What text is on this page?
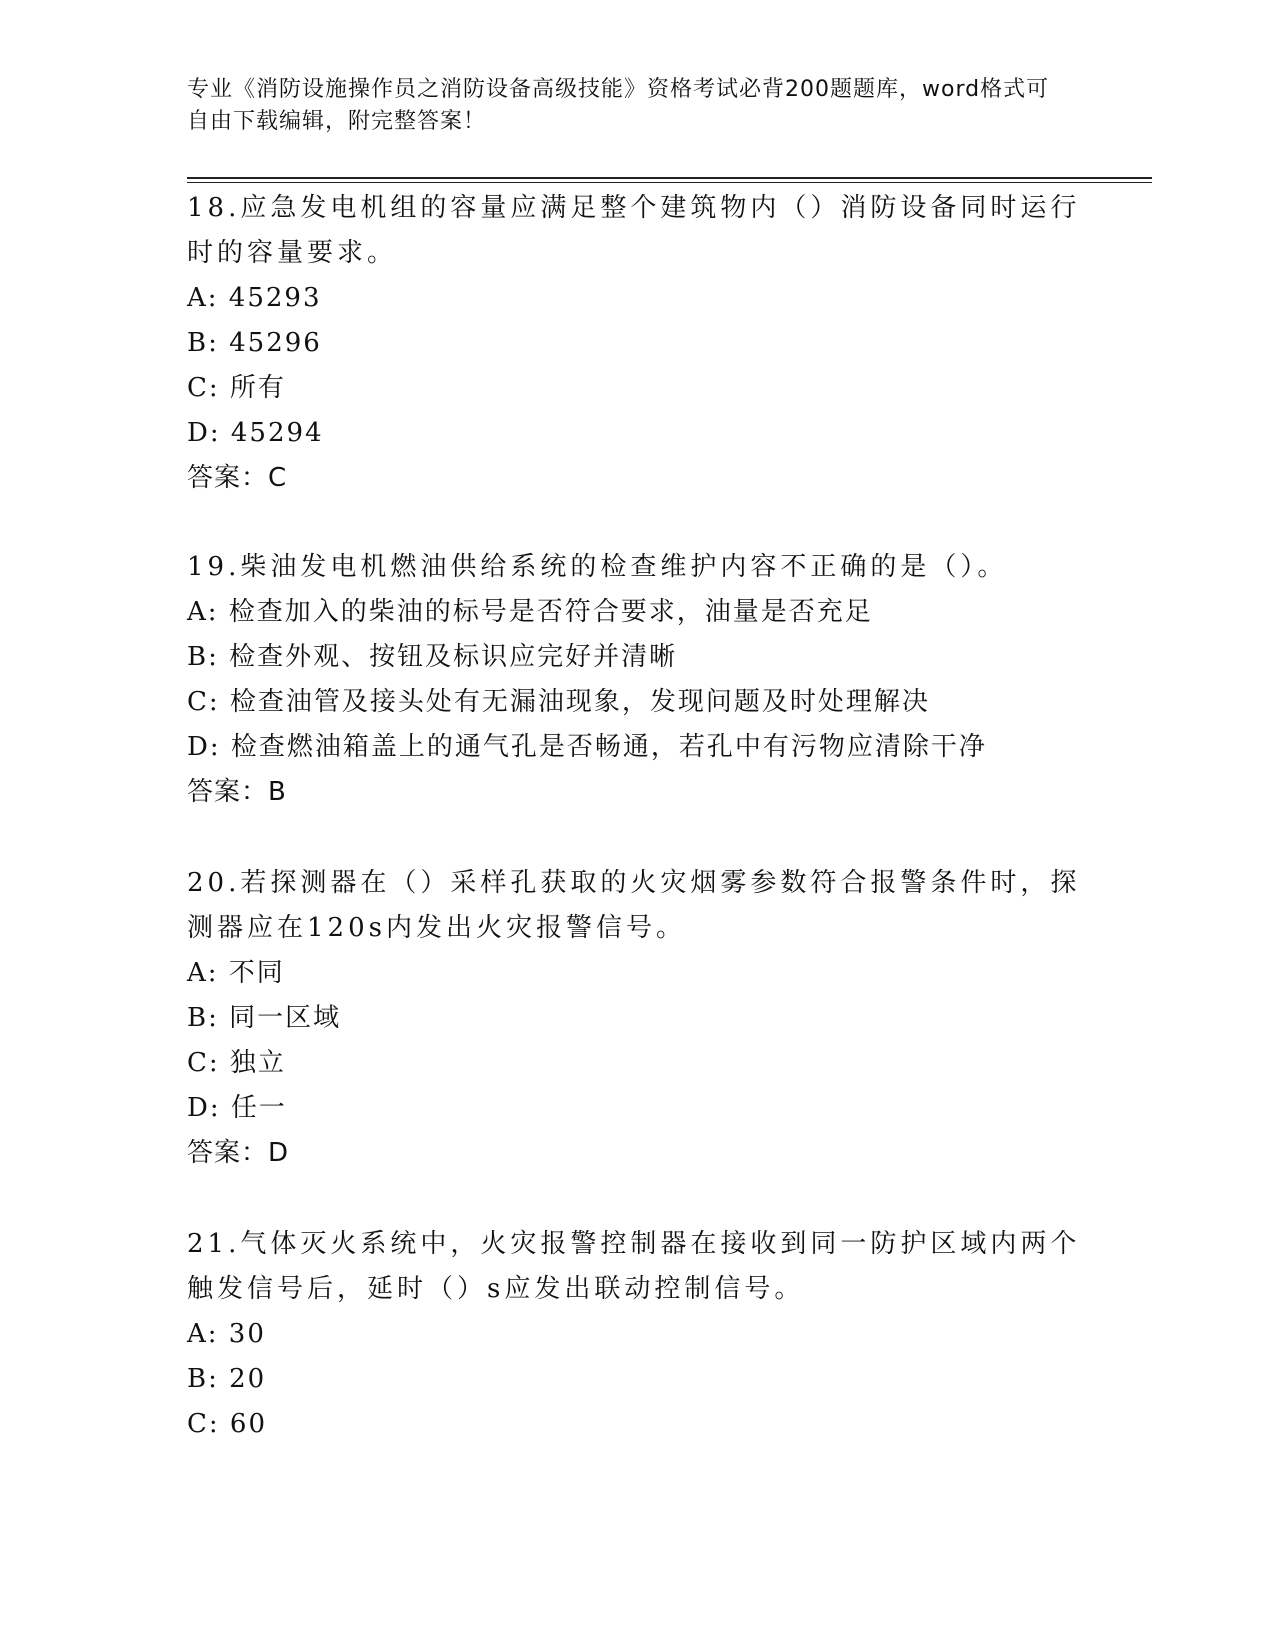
专业《消防设施操作员之消防设备高级技能》资格考试必背200题题库，word格式可自由下载编辑，附完整答案！

18.应急发电机组的容量应满足整个建筑物内（）消防设备同时运行时的容量要求。

A: 45293

B: 45296

C: 所有

D: 45294

答案：C

19.柴油发电机燃油供给系统的检查维护内容不正确的是（）。

A: 检查加入的柴油的标号是否符合要求，油量是否充足

B: 检查外观、按钮及标识应完好并清晰

C: 检查油管及接头处有无漏油现象，发现问题及时处理解决

D: 检查燃油箱盖上的通气孔是否畅通，若孔中有污物应清除干净

答案：B

20.若探测器在（）采样孔获取的火灾烟雾参数符合报警条件时，探测器应在120s内发出火灾报警信号。

A: 不同

B: 同一区域

C: 独立

D: 任一

答案：D

21.气体灭火系统中，火灾报警控制器在接收到同一防护区域内两个触发信号后，延时（）s应发出联动控制信号。

A: 30

B: 20

C: 60
